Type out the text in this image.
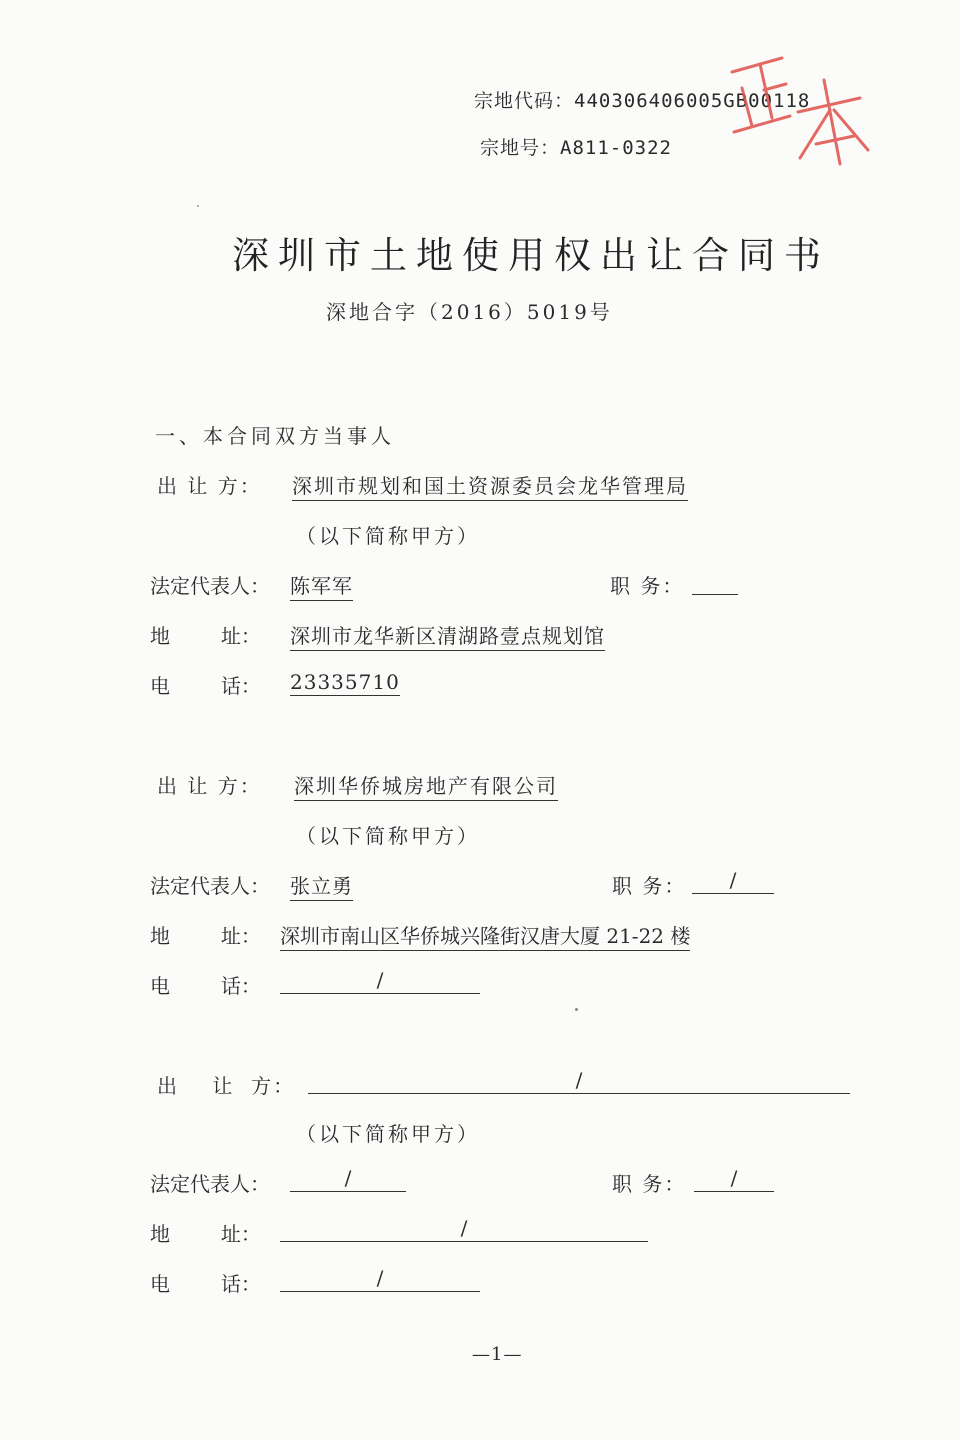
宗地代码：440306406005GB00118
宗地号：A811-0322
深圳市土地使用权出让合同书
深地合字（2016）5019号
一、本合同双方当事人
出 让 方： 深圳市规划和国土资源委员会龙华管理局
（以下简称甲方）
法定代表人： 陈军军	职 务：
地        址： 深圳市龙华新区清湖路壹点规划馆
电        话： 23335710
出 让 方： 深圳华侨城房地产有限公司
（以下简称甲方）
法定代表人： 张立勇	职 务：	/
地        址： 深圳市南山区华侨城兴隆街汉唐大厦 21-22 楼
电        话：	/
出    让  方：	/
（以下简称甲方）
法定代表人：	/	职 务：	/
地        址：	/
电        话：	/
—1—
